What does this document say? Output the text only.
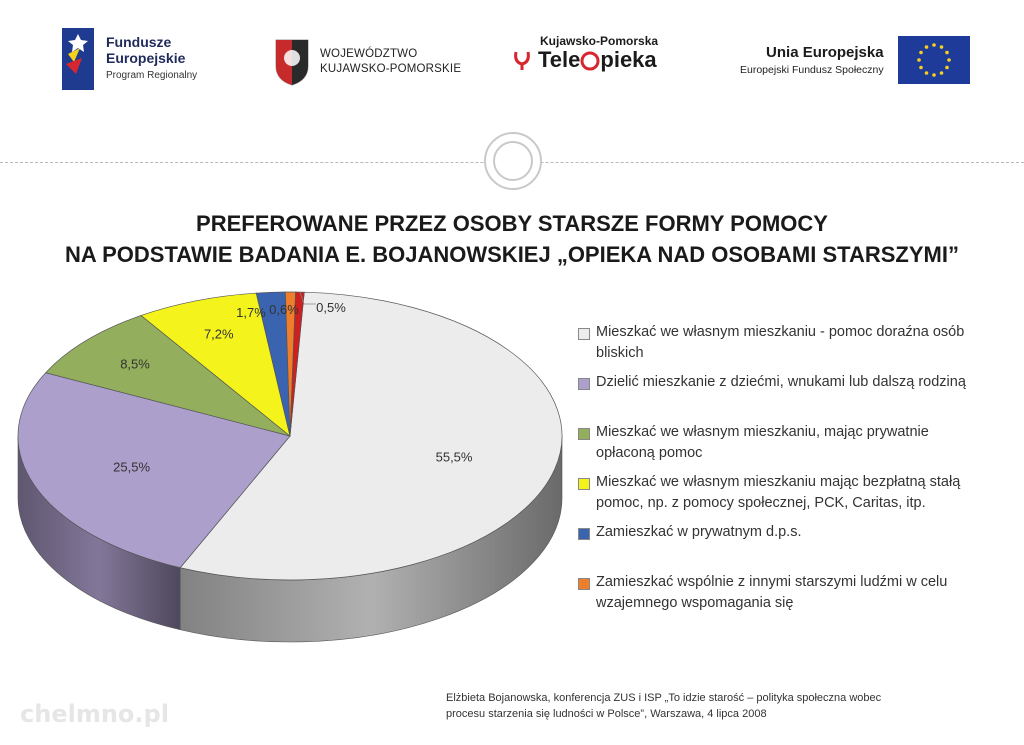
Fundusze
Europejskie
Program Regionalny
WOJEWÓDZTWO
KUJAWSKO-POMORSKIE
Kujawsko-Pomorska
Tele pieka	Unia Europejska
Europejski Fundusz Społeczny
PREFEROWANE PRZEZ OSOBY STARSZE FORMY POMOCY
NA PODSTAWIE BADANIA E. BOJANOWSKIEJ „OPIEKA NAD OSOBAMI STARSZYMI”
55,5%
25,5%
8,5%
7,2%
1,7% 0,6% 0,5%
Mieszkać we własnym mieszkaniu - pomoc doraźna osób
bliskich
Dzielić mieszkanie z dziećmi, wnukami lub dalszą rodziną
Mieszkać we własnym mieszkaniu, mając prywatnie
opłaconą pomoc
Mieszkać we własnym mieszkaniu mając bezpłatną stałą
pomoc, np. z pomocy społecznej, PCK, Caritas, itp.
Zamieszkać w prywatnym d.p.s.
Zamieszkać wspólnie z innymi starszymi ludźmi w celu
wzajemnego wspomagania się
Elżbieta Bojanowska, konferencja ZUS i ISP „To idzie starość – polityka społeczna wobec
procesu starzenia się ludności w Polsce”, Warszawa, 4 lipca 2008
chelmno.pl
